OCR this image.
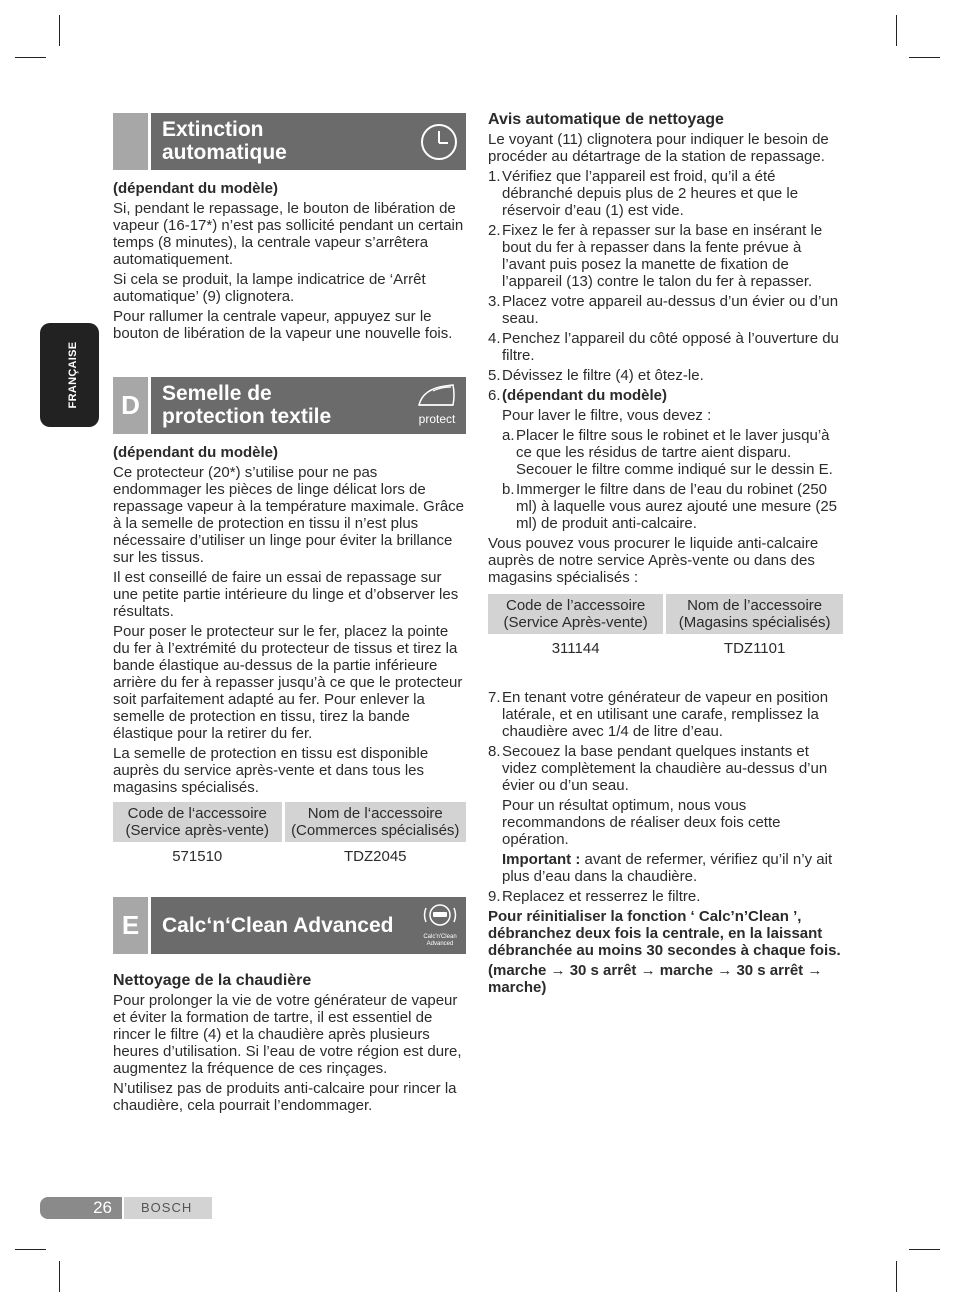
FRANÇAISE
Extinction
automatique

(dépendant du modèle)

Si, pendant le repassage, le bouton de libération de vapeur (16-17*) n’est pas sollicité pendant un certain temps (8 minutes), la centrale vapeur s’arrêtera automatiquement.

Si cela se produit, la lampe indicatrice de ‘Arrêt automatique’ (9) clignotera.

Pour rallumer la centrale vapeur, appuyez sur le bouton de libération de la vapeur une nouvelle fois.

D	Semelle de
protection textile	protect

(dépendant du modèle)

Ce protecteur (20*) s’utilise pour ne pas endommager les pièces de linge délicat lors de repassage vapeur à la température maximale. Grâce à la semelle de protection en tissu il n’est plus nécessaire d’utiliser un linge pour éviter la brillance sur les tissus.

Il est conseillé de faire un essai de repassage sur une petite partie intérieure du linge et d’observer les résultats.

Pour poser le protecteur sur le fer, placez la pointe du fer à l’extrémité du protecteur de tissus et tirez la bande élastique au-dessus de la partie inférieure arrière du fer à repasser jusqu’à ce que le protecteur soit parfaitement adapté au fer. Pour enlever la semelle de protection en tissu, tirez la bande élastique pour la retirer du fer.

La semelle de protection en tissu est disponible auprès du service après-vente et dans tous les magasins spécialisés.

Code de l‘accessoire (Service après-vente)	Nom de l‘accessoire (Commerces spécialisés)
571510	TDZ2045
E	Calc‘n‘Clean Advanced	Calc'n'Clean
Advanced

Nettoyage de la chaudière

Pour prolonger la vie de votre générateur de vapeur et éviter la formation de tartre, il est essentiel de rincer le filtre (4) et la chaudière après plusieurs heures d’utilisation. Si l’eau de votre région est dure, augmentez la fréquence de ces rinçages.

N’utilisez pas de produits anti-calcaire pour rincer la chaudière, cela pourrait l’endommager.

Avis automatique de nettoyage

Le voyant (11) clignotera pour indiquer le besoin de procéder au détartrage de la station de repassage.

1. Vérifiez que l’appareil est froid, qu’il a été débranché depuis plus de 2 heures et que le réservoir d’eau (1) est vide.
2. Fixez le fer à repasser sur la base en insérant le bout du fer à repasser dans la fente prévue à l’avant puis posez la manette de fixation de l’appareil (13) contre le talon du fer à repasser.
3. Placez votre appareil au-dessus d’un évier ou d’un seau.
4. Penchez l’appareil du côté opposé à l’ouverture du filtre.
5. Dévissez le filtre (4) et ôtez-le.
6. (dépendant du modèle)

Pour laver le filtre, vous devez :

a. Placer le filtre sous le robinet et le laver jusqu’à ce que les résidus de tartre aient disparu. Secouer le filtre comme indiqué sur le dessin E.
b. Immerger le filtre dans de l’eau du robinet (250 ml) à laquelle vous aurez ajouté une mesure (25 ml) de produit anti-calcaire.

Vous pouvez vous procurer le liquide anti-calcaire auprès de notre service Après-vente ou dans des magasins spécialisés :

Code de l’accessoire (Service Après-vente)	Nom de l’accessoire (Magasins spécialisés)
311144	TDZ1101
7. En tenant votre générateur de vapeur en position latérale, et en utilisant une carafe, remplissez la chaudière avec 1/4 de litre d’eau.
8. Secouez la base pendant quelques instants et videz complètement la chaudière au-dessus d’un évier ou d’un seau.

Pour un résultat optimum, nous vous recommandons de réaliser deux fois cette opération.

Important : avant de refermer, vérifiez qu’il n’y ait plus d’eau dans la chaudière.

9. Replacez et resserrez le filtre.

Pour réinitialiser la fonction ‘ Calc’n’Clean ’, débranchez deux fois la centrale, en la laissant débranchée au moins 30 secondes à chaque fois.

(marche → 30 s arrêt → marche → 30 s arrêt → marche)

26	BOSCH
